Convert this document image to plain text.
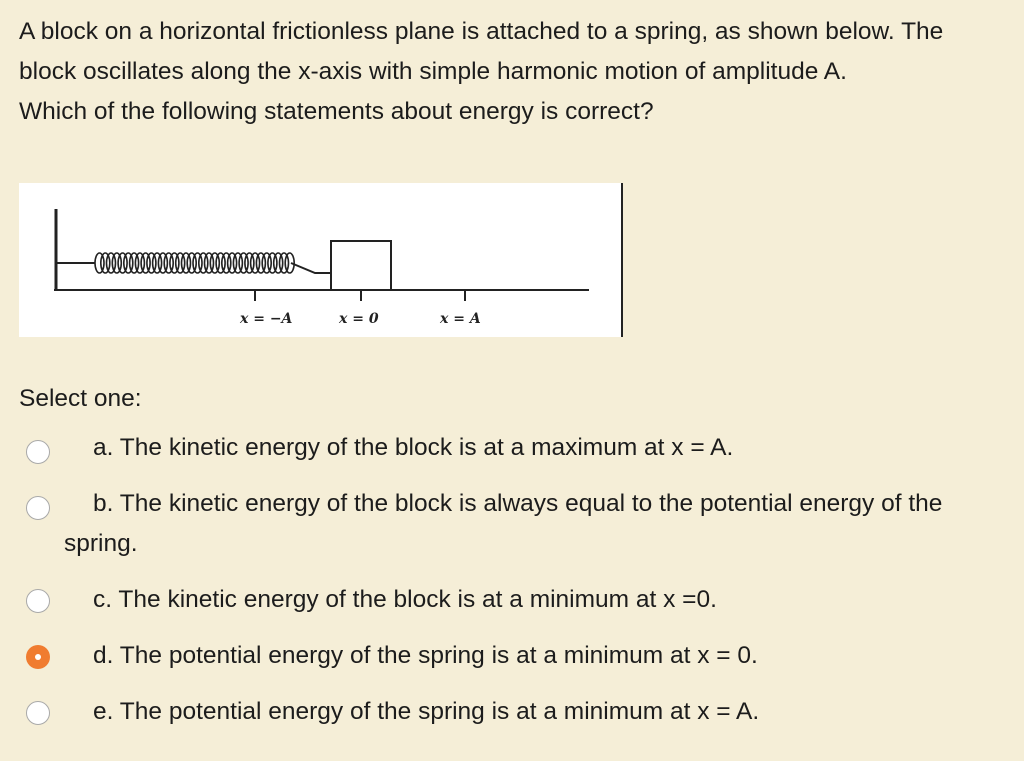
A block on a horizontal frictionless plane is attached to a spring, as shown below. The block oscillates along the x-axis with simple harmonic motion of amplitude A.

Which of the following statements about energy is correct?

x = −A	x = 0	x = A
Select one:
a. The kinetic energy of the block is at a maximum at x = A.
b. The kinetic energy of the block is always equal to the potential energy of the spring.
c. The kinetic energy of the block is at a minimum at x =0.
d. The potential energy of the spring is at a minimum at x = 0.
e. The potential energy of the spring is at a minimum at x = A.
